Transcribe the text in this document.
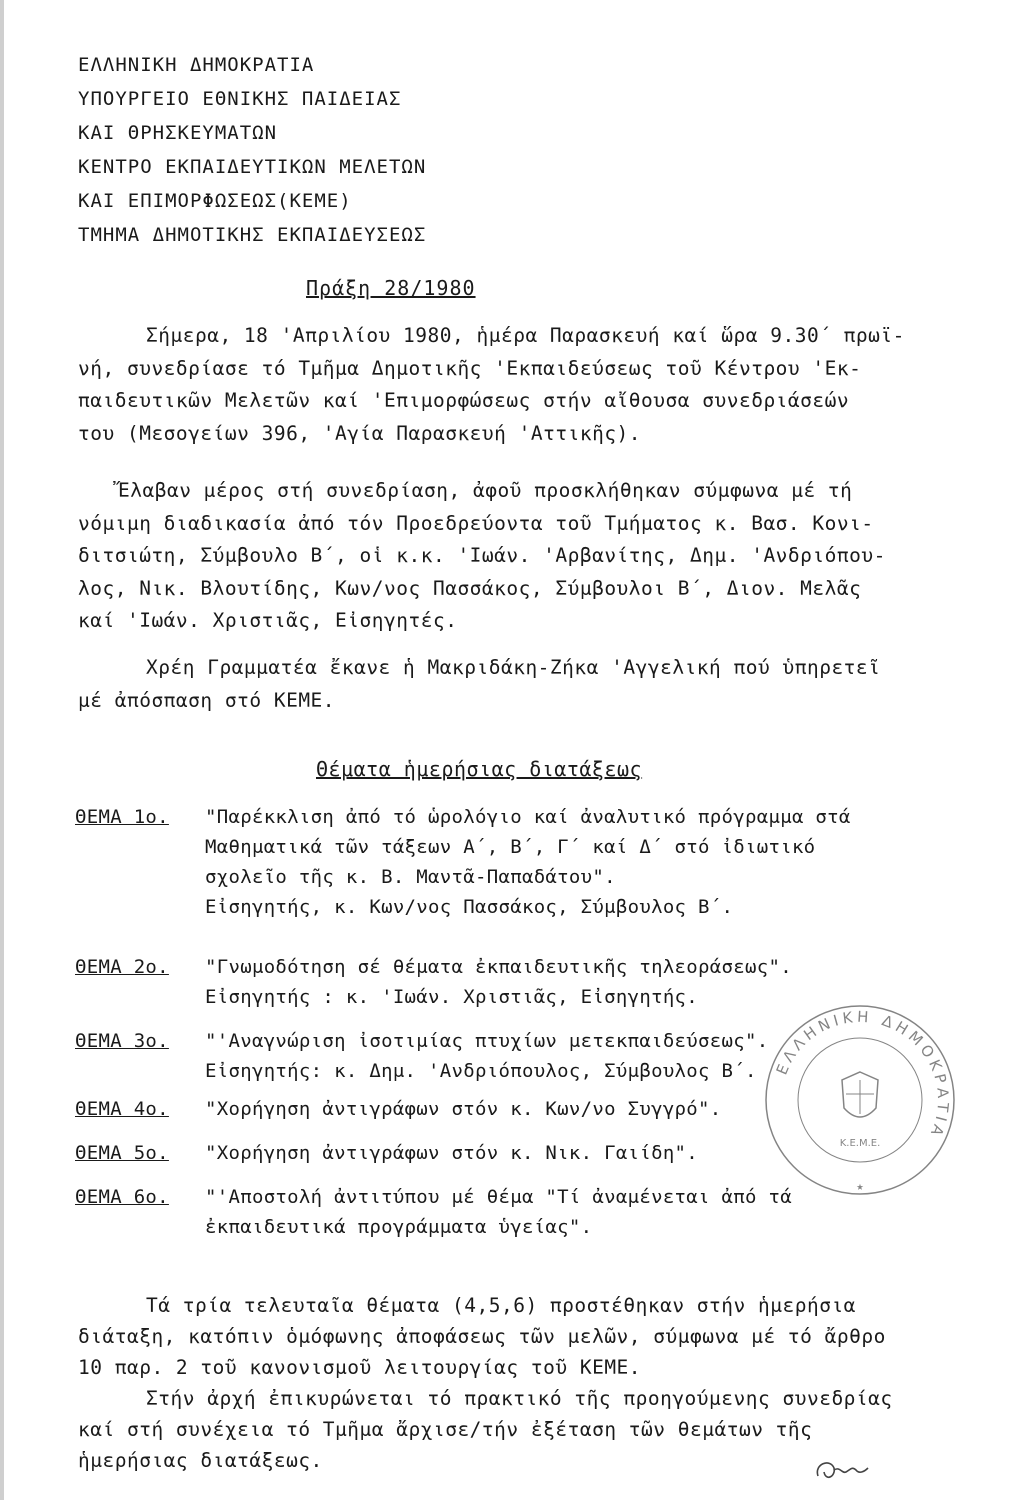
ΕΛΛΗΝΙΚΗ ΔΗΜΟΚΡΑΤΙΑ
ΥΠΟΥΡΓΕΙΟ ΕΘΝΙΚΗΣ ΠΑΙΔΕΙΑΣ
ΚΑΙ ΘΡΗΣΚΕΥΜΑΤΩΝ
ΚΕΝΤΡΟ ΕΚΠΑΙΔΕΥΤΙΚΩΝ ΜΕΛΕΤΩΝ
ΚΑΙ ΕΠΙΜΟΡΦΩΣΕΩΣ(ΚΕΜΕ)
ΤΜΗΜΑ ΔΗΜΟΤΙΚΗΣ ΕΚΠΑΙΔΕΥΣΕΩΣ
Πράξη 28/1980
Σήμερα, 18 'Απριλίου 1980, ἡμέρα Παρασκευή καί ὥρα 9.30΄ πρωϊ-
νή, συνεδρίασε τό Τμῆμα Δημοτικῆς 'Εκπαιδεύσεως τοῦ Κέντρου 'Εκ-
παιδευτικῶν Μελετῶν καί 'Επιμορφώσεως στήν αἴθουσα συνεδριάσεών
του (Μεσογείων 396, 'Αγία Παρασκευή 'Αττικῆς).
Ἔλαβαν μέρος στή συνεδρίαση, ἀφοῦ προσκλήθηκαν σύμφωνα μέ τή
νόμιμη διαδικασία ἀπό τόν Προεδρεύοντα τοῦ Τμήματος κ. Βασ. Κονι-
διτσιώτη, Σύμβουλο Β΄, οἱ κ.κ. 'Ιωάν. 'Αρβανίτης, Δημ. 'Ανδριόπου-
λος, Νικ. Βλουτίδης, Κων/νος Πασσάκος, Σύμβουλοι Β΄, Διον. Μελᾶς
καί 'Ιωάν. Χριστιᾶς, Εἰσηγητές.
Χρέη Γραμματέα ἔκανε ἡ Μακριδάκη-Ζήκα 'Αγγελική πού ὑπηρετεῖ
μέ ἀπόσπαση στό ΚΕΜΕ.
Θέματα ἡμερήσιας διατάξεως
ΘΕΜΑ 1ο. "Παρέκκλιση ἀπό τό ὡρολόγιο καί ἀναλυτικό πρόγραμμα στά
Μαθηματικά τῶν τάξεων Α΄, Β΄, Γ΄ καί Δ΄ στό ἰδιωτικό
σχολεῖο τῆς κ. Β. Μαντᾶ-Παπαδάτου".
Εἰσηγητής, κ. Κων/νος Πασσάκος, Σύμβουλος Β΄.
ΘΕΜΑ 2ο. "Γνωμοδότηση σέ θέματα ἐκπαιδευτικῆς τηλεοράσεως".
Εἰσηγητής : κ. 'Ιωάν. Χριστιᾶς, Εἰσηγητής.
ΘΕΜΑ 3ο. "'Αναγνώριση ἰσοτιμίας πτυχίων μετεκπαιδεύσεως".
Εἰσηγητής: κ. Δημ. 'Ανδριόπουλος, Σύμβουλος Β΄.
ΘΕΜΑ 4ο. "Χορήγηση ἀντιγράφων στόν κ. Κων/νο Συγγρό".
ΘΕΜΑ 5ο. "Χορήγηση ἀντιγράφων στόν κ. Νικ. Γαιίδη".
ΘΕΜΑ 6ο. "'Αποστολή ἀντιτύπου μέ θέμα "Τί ἀναμένεται ἀπό τά
ἐκπαιδευτικά προγράμματα ὑγείας".
Τά τρία τελευταῖα θέματα (4,5,6) προστέθηκαν στήν ἡμερήσια
διάταξη, κατόπιν ὁμόφωνης ἀποφάσεως τῶν μελῶν, σύμφωνα μέ τό ἄρθρο
10 παρ. 2 τοῦ κανονισμοῦ λειτουργίας τοῦ ΚΕΜΕ.
Στήν ἀρχή ἐπικυρώνεται τό πρακτικό τῆς προηγούμενης συνεδρίας
καί στή συνέχεια τό Τμῆμα ἄρχισε/τήν ἐξέταση τῶν θεμάτων τῆς
ἡμερήσιας διατάξεως.
ΕΛΛΗΝΙΚΗ ΔΗΜΟΚΡΑΤΙΑ
Κ.Ε.Μ.Ε.
★
